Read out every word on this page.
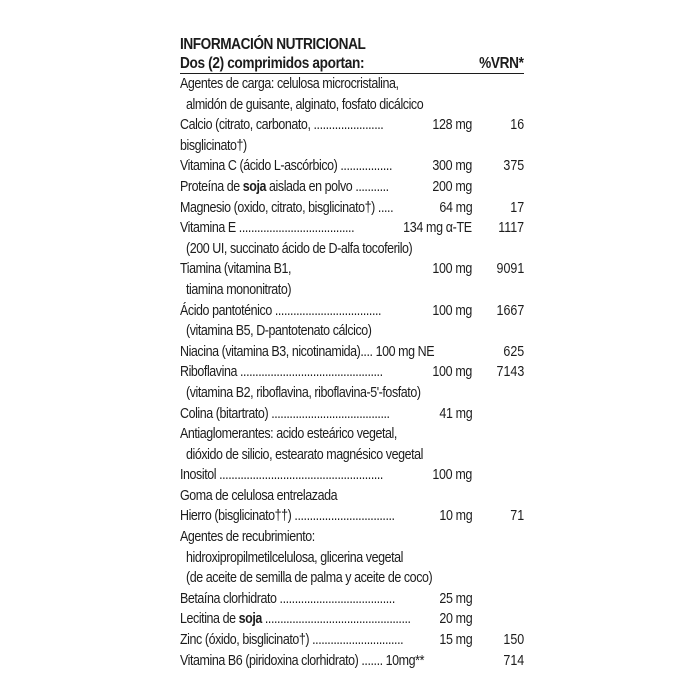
INFORMACIÓN NUTRICIONAL
Dos (2) comprimidos aportan:	%VRN*
Agentes de carga: celulosa microcristalina,
almidón de guisante, alginato, fosfato dicálcico
Calcio (citrato, carbonato, .......................	128 mg	16
bisglicinato†)
Vitamina C (ácido L-ascórbico) .................	300 mg 375
Proteína de soja aislada en polvo ...........	200 mg
Magnesio (oxido, citrato, bisglicinato†) .....	64 mg	17
Vitamina E ......................................	134 mg α-TE 1117
(200 UI, succinato ácido de D-alfa tocoferilo)
Tiamina (vitamina B1,	100 mg 9091
tiamina mononitrato)
Ácido pantoténico ...................................	100 mg 1667
(vitamina B5, D-pantotenato cálcico)
Niacina (vitamina B3, nicotinamida).... 100 mg NE	625
Riboflavina ...............................................	100 mg 7143
(vitamina B2, riboflavina, riboflavina-5'-fosfato)
Colina (bitartrato) .......................................	41 mg
Antiaglomerantes: acido esteárico vegetal,
dióxido de silicio, estearato magnésico vegetal
Inositol ......................................................	100 mg
Goma de celulosa entrelazada
Hierro (bisglicinato††) .................................	10 mg	71
Agentes de recubrimiento:
hidroxipropilmetilcelulosa, glicerina vegetal
(de aceite de semilla de palma y aceite de coco)
Betaína clorhidrato ......................................	25 mg
Lecitina de soja ................................................ 20 mg
Zinc (óxido, bisglicinato†) .............................. 15 mg 150
Vitamina B6 (piridoxina clorhidrato) ....... 10mg**	714
